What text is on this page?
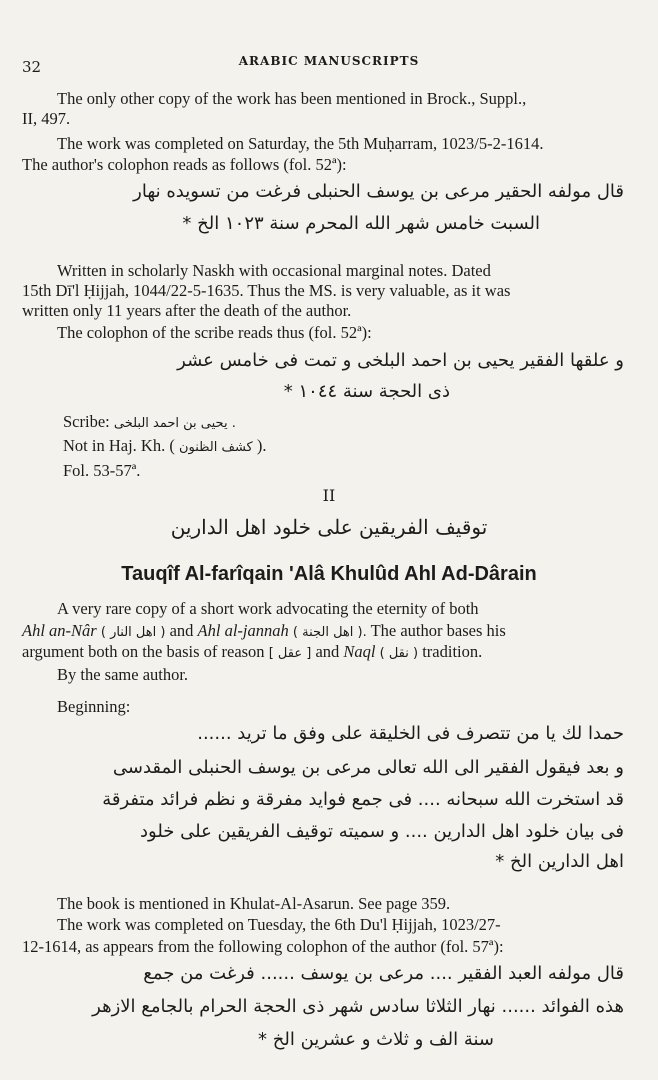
32	ARABIC MANUSCRIPTS
The only other copy of the work has been mentioned in Brock., Suppl.,
II, 497.
The work was completed on Saturday, the 5th Muḥarram, 1023/5-2-1614.
The author's colophon reads as follows (fol. 52ª):
قال مولفه الحقير مرعى بن يوسف الحنبلى فرغت من تسويده نهار
السبت خامس شهر الله المحرم سنة ١٠٢٣ الخ *
Written in scholarly Naskh with occasional marginal notes. Dated
15th Dī'l Ḥijjah, 1044/22-5-1635. Thus the MS. is very valuable, as it was
written only 11 years after the death of the author.
The colophon of the scribe reads thus (fol. 52ª):
و علقها الفقير يحيى بن احمد البلخى و تمت فى خامس عشر
ذى الحجة سنة ١٠٤٤ *
Scribe: يحيى بن احمد البلخى .
Not in Haj. Kh. ( كشف الظنون ).
Fol. 53-57ª.
II
توقيف الفريقين على خلود اهل الدارين
Tauqîf Al-farîqain 'Alâ Khulûd Ahl Ad-Dârain
A very rare copy of a short work advocating the eternity of both
Ahl an-Nâr ( اهل النار ) and Ahl al-jannah ( اهل الجنة ). The author bases his
argument both on the basis of reason [ عقل ] and Naql ( نقل ) tradition.
By the same author.
Beginning:
حمدا لك يا من تتصرف فى الخليقة على وفق ما تريد ......
و بعد فيقول الفقير الى الله تعالى مرعى بن يوسف الحنبلى المقدسى
قد استخرت الله سبحانه .... فى جمع فوايد مفرقة و نظم فرائد متفرقة
فى بيان خلود اهل الدارين .... و سميته توقيف الفريقين على خلود
اهل الدارين الخ *
The book is mentioned in Khulat-Al-Asarun. See page 359.
The work was completed on Tuesday, the 6th Du'l Ḥijjah, 1023/27-
12-1614, as appears from the following colophon of the author (fol. 57ª):
قال مولفه العبد الفقير .... مرعى بن يوسف ...... فرغت من جمع
هذه الفوائد ...... نهار الثلاثا سادس شهر ذى الحجة الحرام بالجامع الازهر
سنة الف و ثلاث و عشرين الخ *
